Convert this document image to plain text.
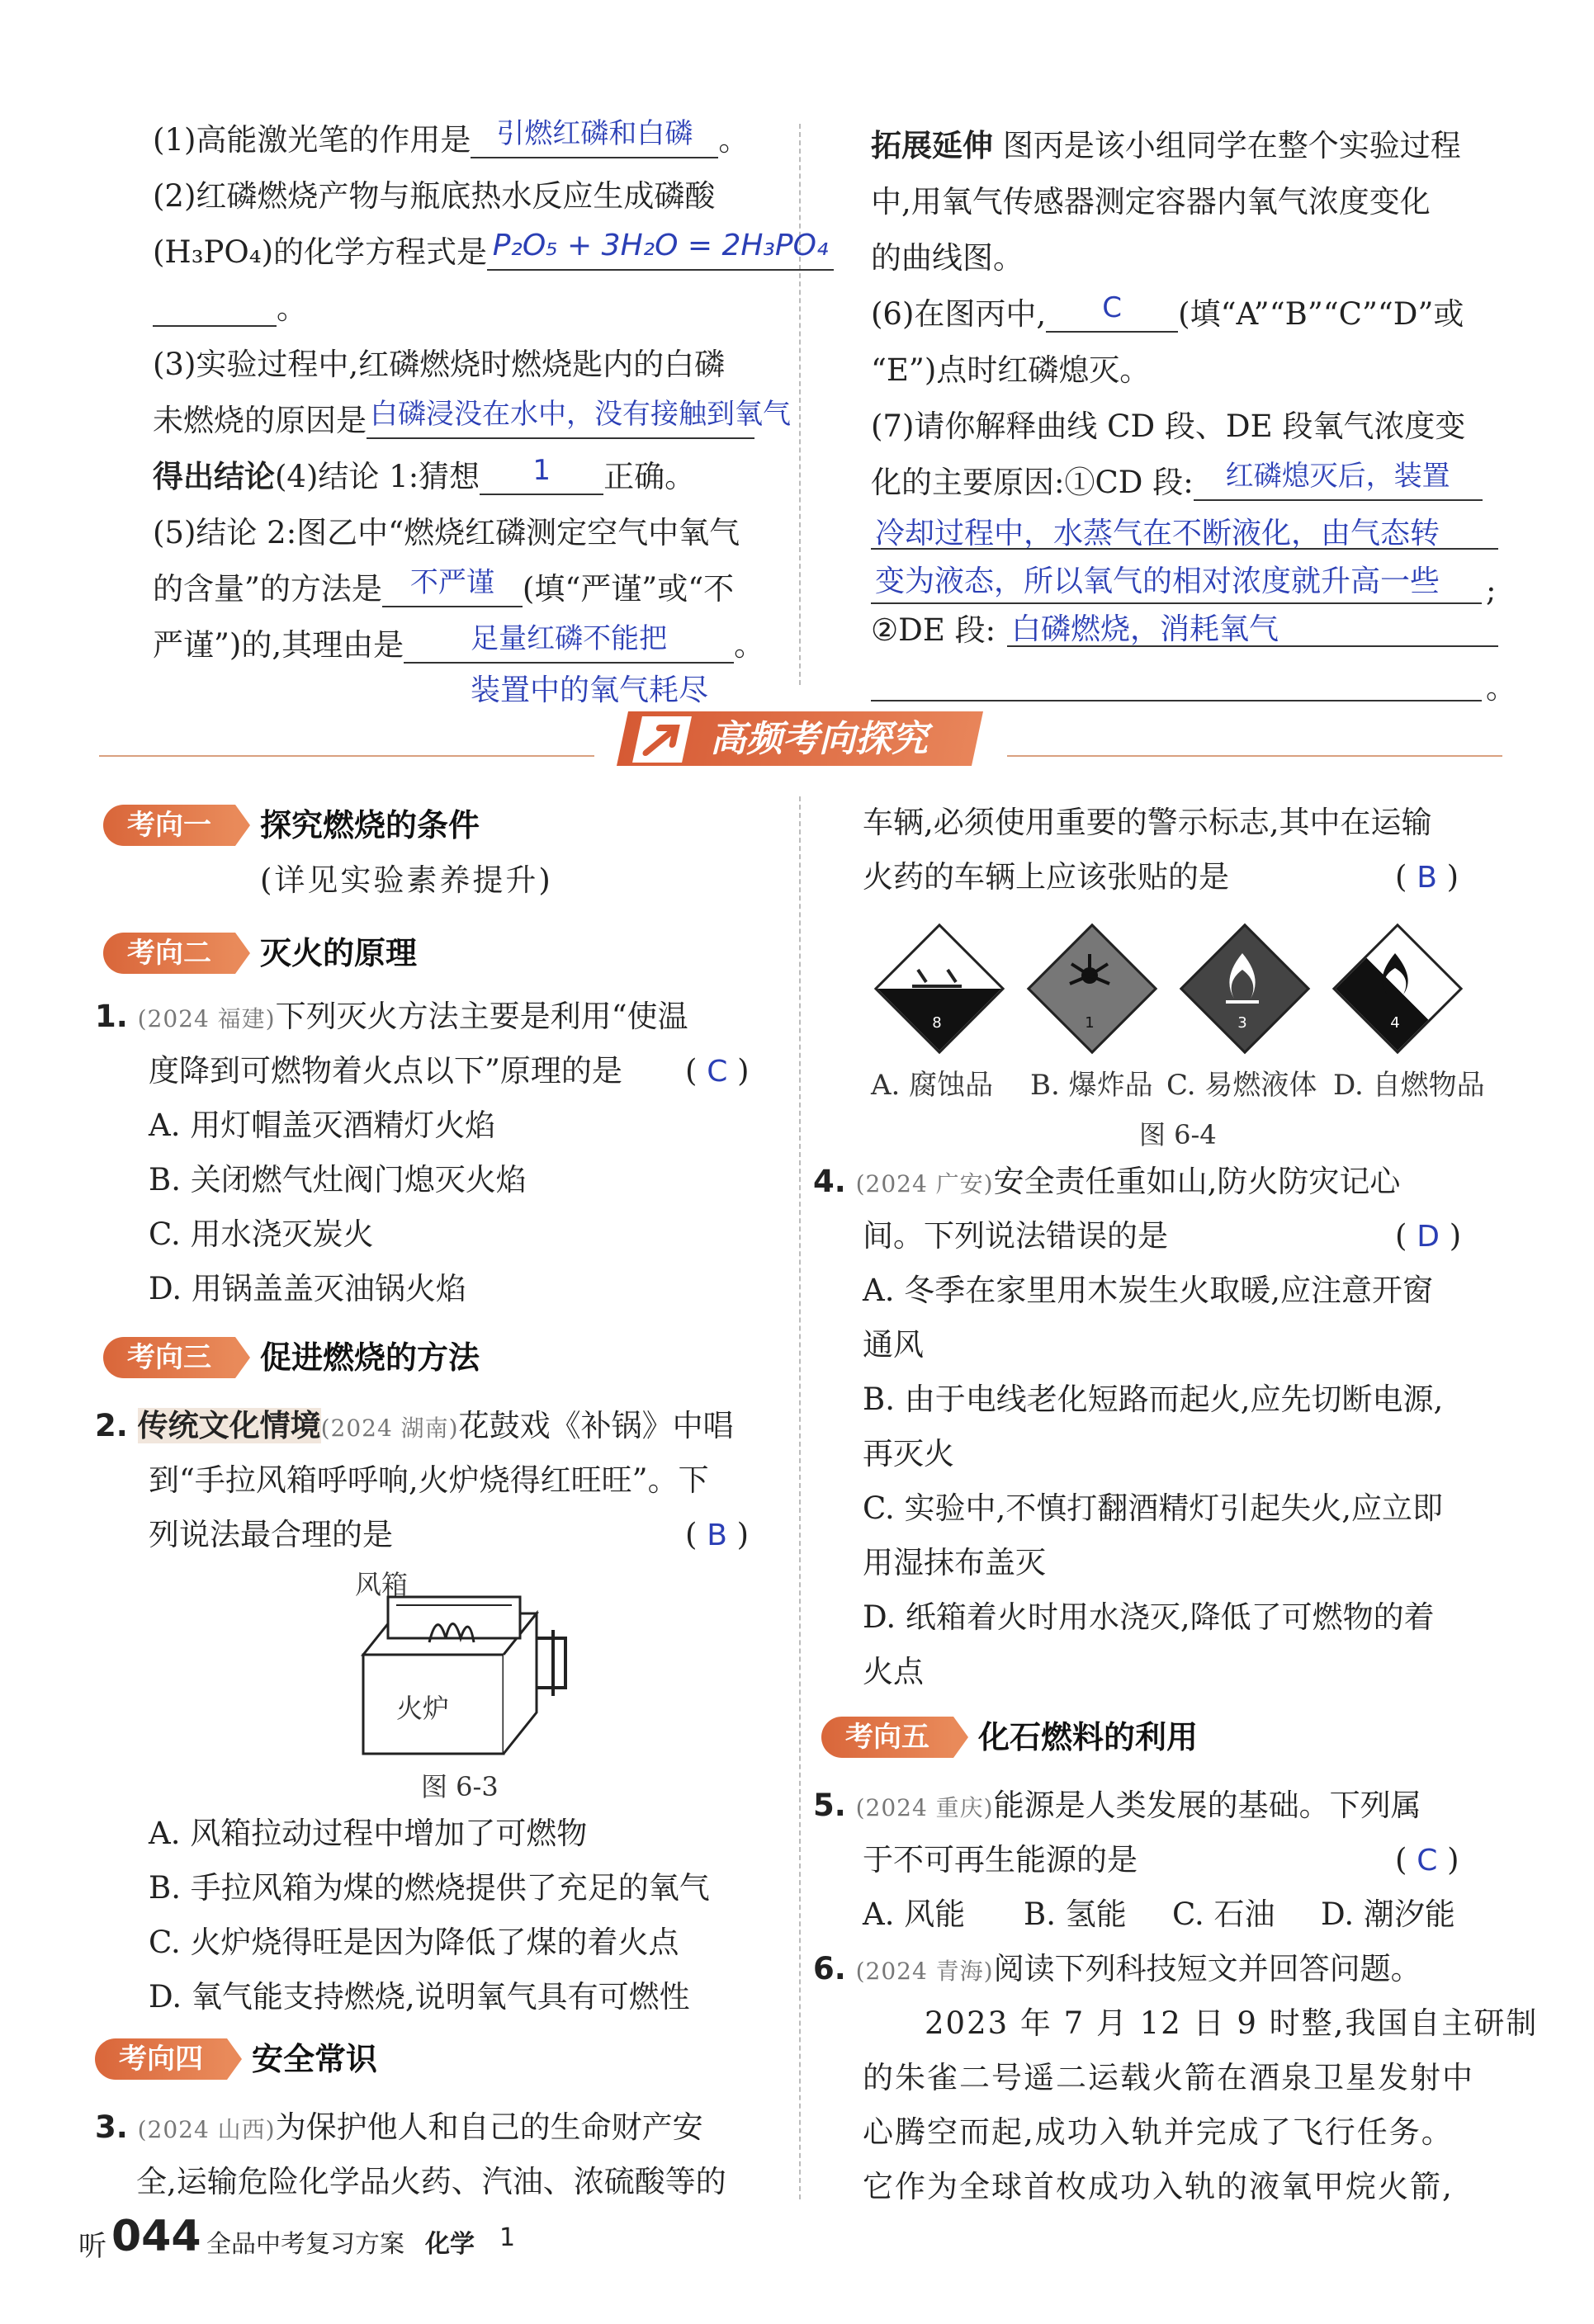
(1)高能激光笔的作用是 引燃红磷和白磷 。
(2)红磷燃烧产物与瓶底热水反应生成磷酸
(H₃PO₄)的化学方程式是 P₂O₅ + 3H₂O = 2H₃PO₄
。
(3)实验过程中,红磷燃烧时燃烧匙内的白磷
未燃烧的原因是 白磷浸没在水中，没有接触到氧气
得出结论(4)结论 1:猜想	1	正确。
(5)结论 2:图乙中“燃烧红磷测定空气中氧气
的含量”的方法是	不严谨 (填“严谨”或“不
严谨”)的,其理由是	足量红磷不能把	。
装置中的氧气耗尽
拓展延伸 图丙是该小组同学在整个实验过程
中,用氧气传感器测定容器内氧气浓度变化
的曲线图。
(6)在图丙中,	C	(填“A”“B”“C”“D”或
“E”)点时红磷熄灭。
(7)请你解释曲线 CD 段、DE 段氧气浓度变
化的主要原因:①CD 段:	红磷熄灭后，装置
冷却过程中，水蒸气在不断液化，由气态转
变为液态，所以氧气的相对浓度就升高一些 ;
②DE 段: 白磷燃烧，消耗氧气
。
高频考向探究
考向一	探究燃烧的条件
(详见实验素养提升)
考向二	灭火的原理
1. (2024 福建)下列灭火方法主要是利用“使温
度降到可燃物着火点以下”原理的是 ( C )
A. 用灯帽盖灭酒精灯火焰
B. 关闭燃气灶阀门熄灭火焰
C. 用水浇灭炭火
D. 用锅盖盖灭油锅火焰
考向三	促进燃烧的方法
2. 传统文化情境(2024 湖南)花鼓戏《补锅》中唱
到“手拉风箱呼呼响,火炉烧得红旺旺”。下
列说法最合理的是	( B )
风箱
火炉
图 6-3
A. 风箱拉动过程中增加了可燃物
B. 手拉风箱为煤的燃烧提供了充足的氧气
C. 火炉烧得旺是因为降低了煤的着火点
D. 氧气能支持燃烧,说明氧气具有可燃性
考向四	安全常识
3. (2024 山西)为保护他人和自己的生命财产安
全,运输危险化学品火药、汽油、浓硫酸等的
听 044 全品中考复习方案 化学 1
车辆,必须使用重要的警示标志,其中在运输
火药的车辆上应该张贴的是	( B )
8	1	3	4
A. 腐蚀品 B. 爆炸品 C. 易燃液体 D. 自燃物品
图 6-4
4. (2024 广安)安全责任重如山,防火防灾记心
间。下列说法错误的是	( D )
A. 冬季在家里用木炭生火取暖,应注意开窗
通风
B. 由于电线老化短路而起火,应先切断电源,
再灭火
C. 实验中,不慎打翻酒精灯引起失火,应立即
用湿抹布盖灭
D. 纸箱着火时用水浇灭,降低了可燃物的着
火点
考向五	化石燃料的利用
5. (2024 重庆)能源是人类发展的基础。下列属
于不可再生能源的是	( C )
A. 风能 B. 氢能 C. 石油 D. 潮汐能
6. (2024 青海)阅读下列科技短文并回答问题。
2023 年 7 月 12 日 9 时整,我国自主研制
的朱雀二号遥二运载火箭在酒泉卫星发射中
心腾空而起,成功入轨并完成了飞行任务。
它作为全球首枚成功入轨的液氧甲烷火箭,
